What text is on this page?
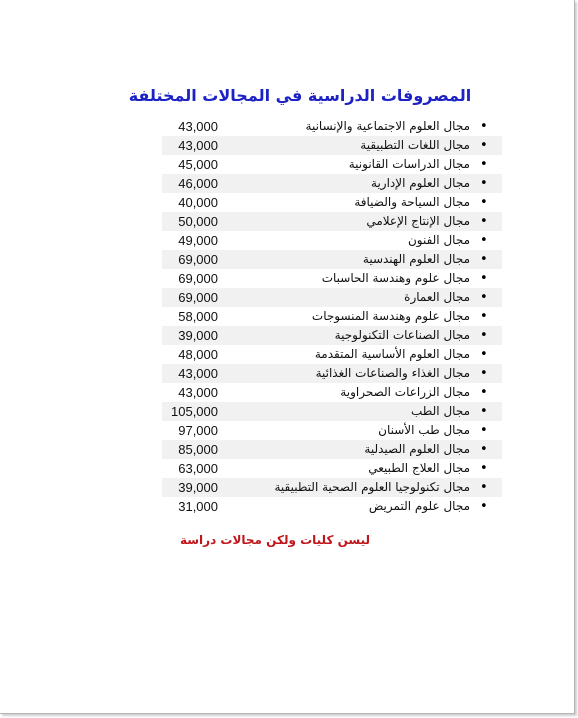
المصروفات الدراسية في المجالات المختلفة
43,000	مجال العلوم الاجتماعية والإنسانية •
43,000	مجال اللغات التطبيقية •
45,000	مجال الدراسات القانونية •
46,000	مجال العلوم الإدارية •
40,000	مجال السياحة والضيافة •
50,000	مجال الإنتاج الإعلامي •
49,000	مجال الفنون •
69,000	مجال العلوم الهندسية •
69,000	مجال علوم وهندسة الحاسبات •
69,000	مجال العمارة •
58,000	مجال علوم وهندسة المنسوجات •
39,000	مجال الصناعات التكنولوجية •
48,000	مجال العلوم الأساسية المتقدمة •
43,000	مجال الغذاء والصناعات الغذائية •
43,000	مجال الزراعات الصحراوية •
105,000	مجال الطب •
97,000	مجال طب الأسنان •
85,000	مجال العلوم الصيدلية •
63,000	مجال العلاج الطبيعي •
39,000	مجال تكنولوجيا العلوم الصحية التطبيقية •
31,000	مجال علوم التمريض •
ليسن كليات ولكن مجالات دراسة
